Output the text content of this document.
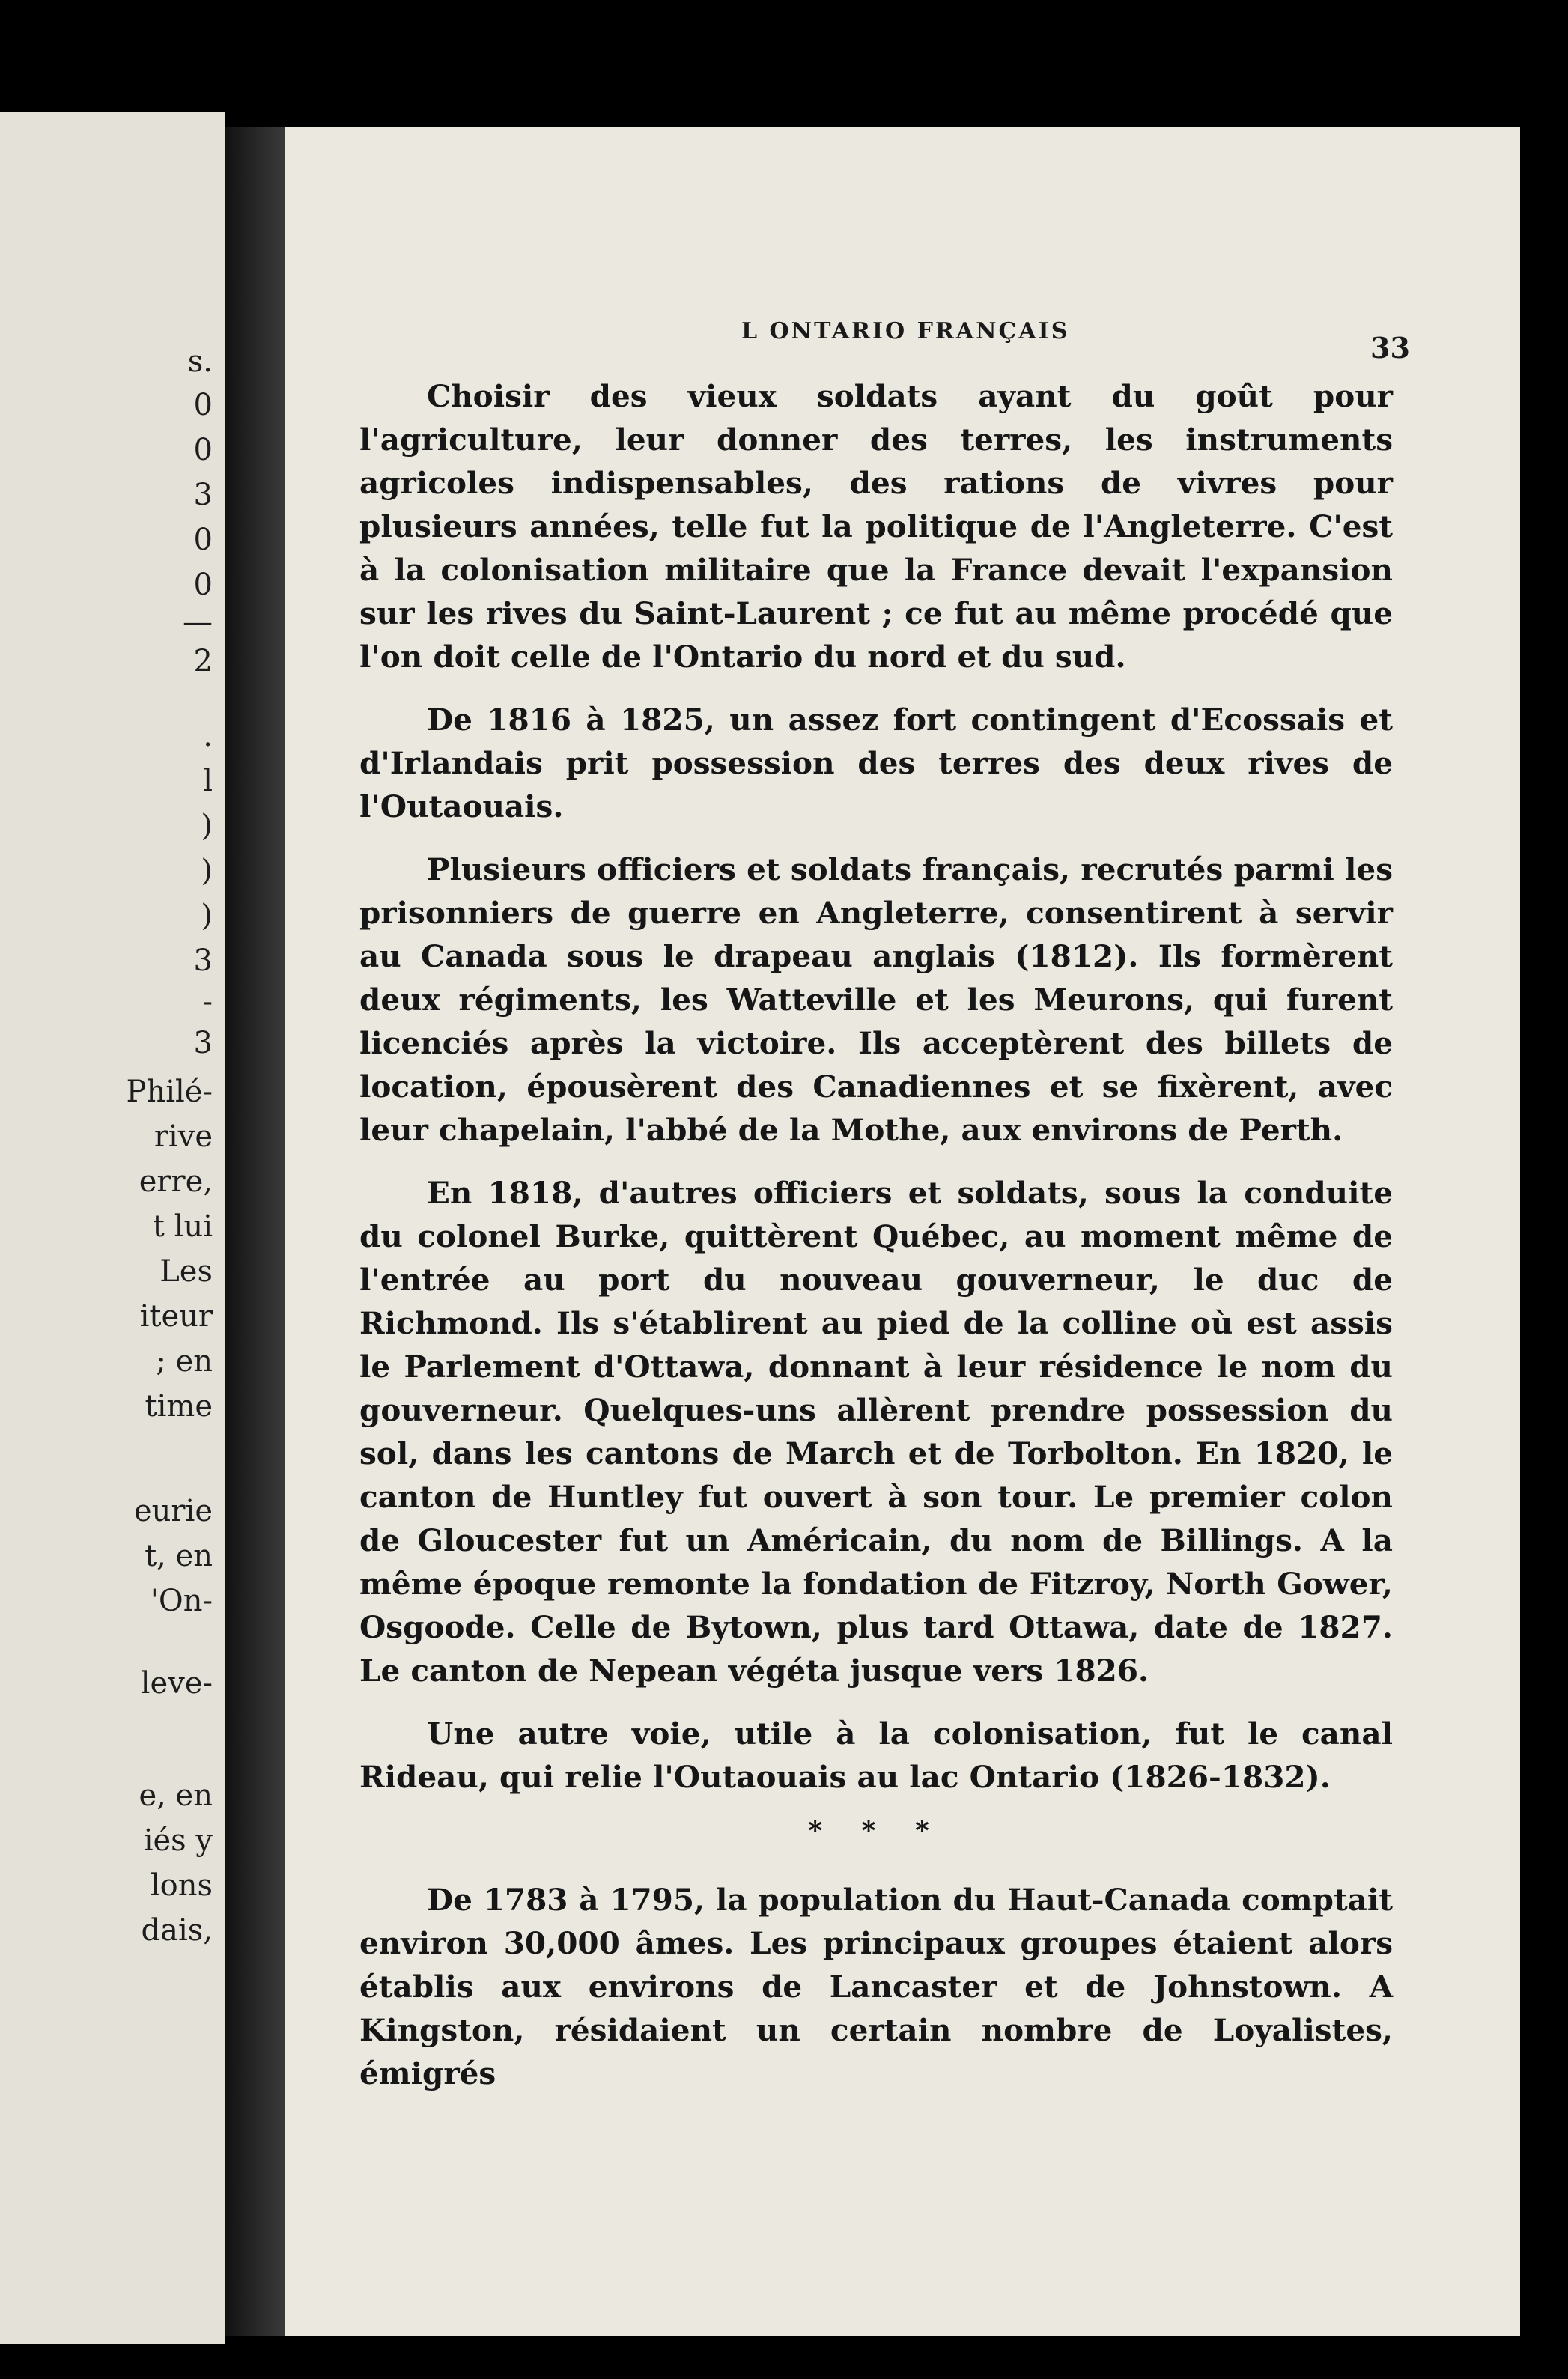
s.
0
0
3
0
0
—
2
.
l
)
)
)
3
-
3
Philé-
rive
erre,
t lui
Les
iteur
; en
time
eurie
t, en
'On-
leve-
e, en
iés y
lons
dais,
L ONTARIO FRANÇAIS	33

Choisir des vieux soldats ayant du goût pour l'agriculture, leur donner des terres, les instruments agricoles indispensables, des rations de vivres pour plusieurs années, telle fut la politique de l'Angleterre. C'est à la colonisation militaire que la France devait l'expansion sur les rives du Saint-Laurent ; ce fut au même procédé que l'on doit celle de l'Ontario du nord et du sud.

De 1816 à 1825, un assez fort contingent d'Ecossais et d'Irlandais prit possession des terres des deux rives de l'Outaouais.

Plusieurs officiers et soldats français, recrutés parmi les prisonniers de guerre en Angleterre, consentirent à servir au Canada sous le drapeau anglais (1812). Ils formèrent deux régiments, les Watteville et les Meurons, qui furent licenciés après la victoire. Ils acceptèrent des billets de location, épousèrent des Canadiennes et se fixèrent, avec leur chapelain, l'abbé de la Mothe, aux environs de Perth.

En 1818, d'autres officiers et soldats, sous la conduite du colonel Burke, quittèrent Québec, au moment même de l'entrée au port du nouveau gouverneur, le duc de Richmond. Ils s'établirent au pied de la colline où est assis le Parlement d'Ottawa, donnant à leur résidence le nom du gouverneur. Quelques-uns allèrent prendre possession du sol, dans les cantons de March et de Torbolton. En 1820, le canton de Huntley fut ouvert à son tour. Le premier colon de Gloucester fut un Américain, du nom de Billings. A la même époque remonte la fondation de Fitzroy, North Gower, Osgoode. Celle de Bytown, plus tard Ottawa, date de 1827. Le canton de Nepean végéta jusque vers 1826.

Une autre voie, utile à la colonisation, fut le canal Rideau, qui relie l'Outaouais au lac Ontario (1826-1832).

* * *

De 1783 à 1795, la population du Haut-Canada comptait environ 30,000 âmes. Les principaux groupes étaient alors établis aux environs de Lancaster et de Johnstown. A Kingston, résidaient un certain nombre de Loyalistes, émigrés
